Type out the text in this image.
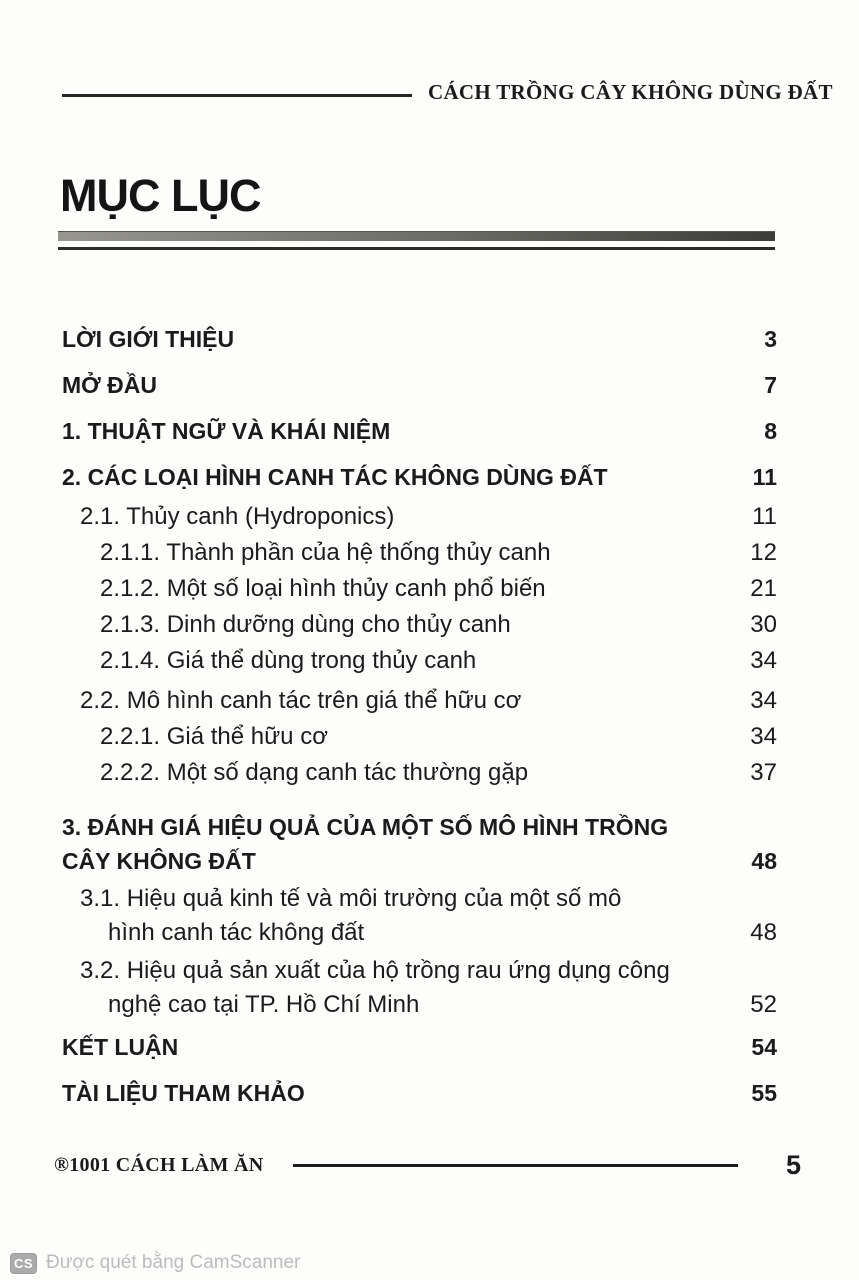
CÁCH TRỒNG CÂY KHÔNG DÙNG ĐẤT
MỤC LỤC
LỜI GIỚI THIỆU	3
MỞ ĐẦU	7
1. THUẬT NGỮ VÀ KHÁI NIỆM	8
2. CÁC LOẠI HÌNH CANH TÁC KHÔNG DÙNG ĐẤT	11
2.1. Thủy canh (Hydroponics)	11
2.1.1. Thành phần của hệ thống thủy canh	12
2.1.2. Một số loại hình thủy canh phổ biến	21
2.1.3. Dinh dưỡng dùng cho thủy canh	30
2.1.4. Giá thể dùng trong thủy canh	34
2.2. Mô hình canh tác trên giá thể hữu cơ	34
2.2.1. Giá thể hữu cơ	34
2.2.2. Một số dạng canh tác thường gặp	37
3. ĐÁNH GIÁ HIỆU QUẢ CỦA MỘT SỐ MÔ HÌNH TRỒNG
CÂY KHÔNG ĐẤT	48
3.1. Hiệu quả kinh tế và môi trường của một số mô
hình canh tác không đất	48
3.2. Hiệu quả sản xuất của hộ trồng rau ứng dụng công
nghệ cao tại TP. Hồ Chí Minh	52
KẾT LUẬN	54
TÀI LIỆU THAM KHẢO	55
®1001 CÁCH LÀM ĂN	5
CS Được quét bằng CamScanner
